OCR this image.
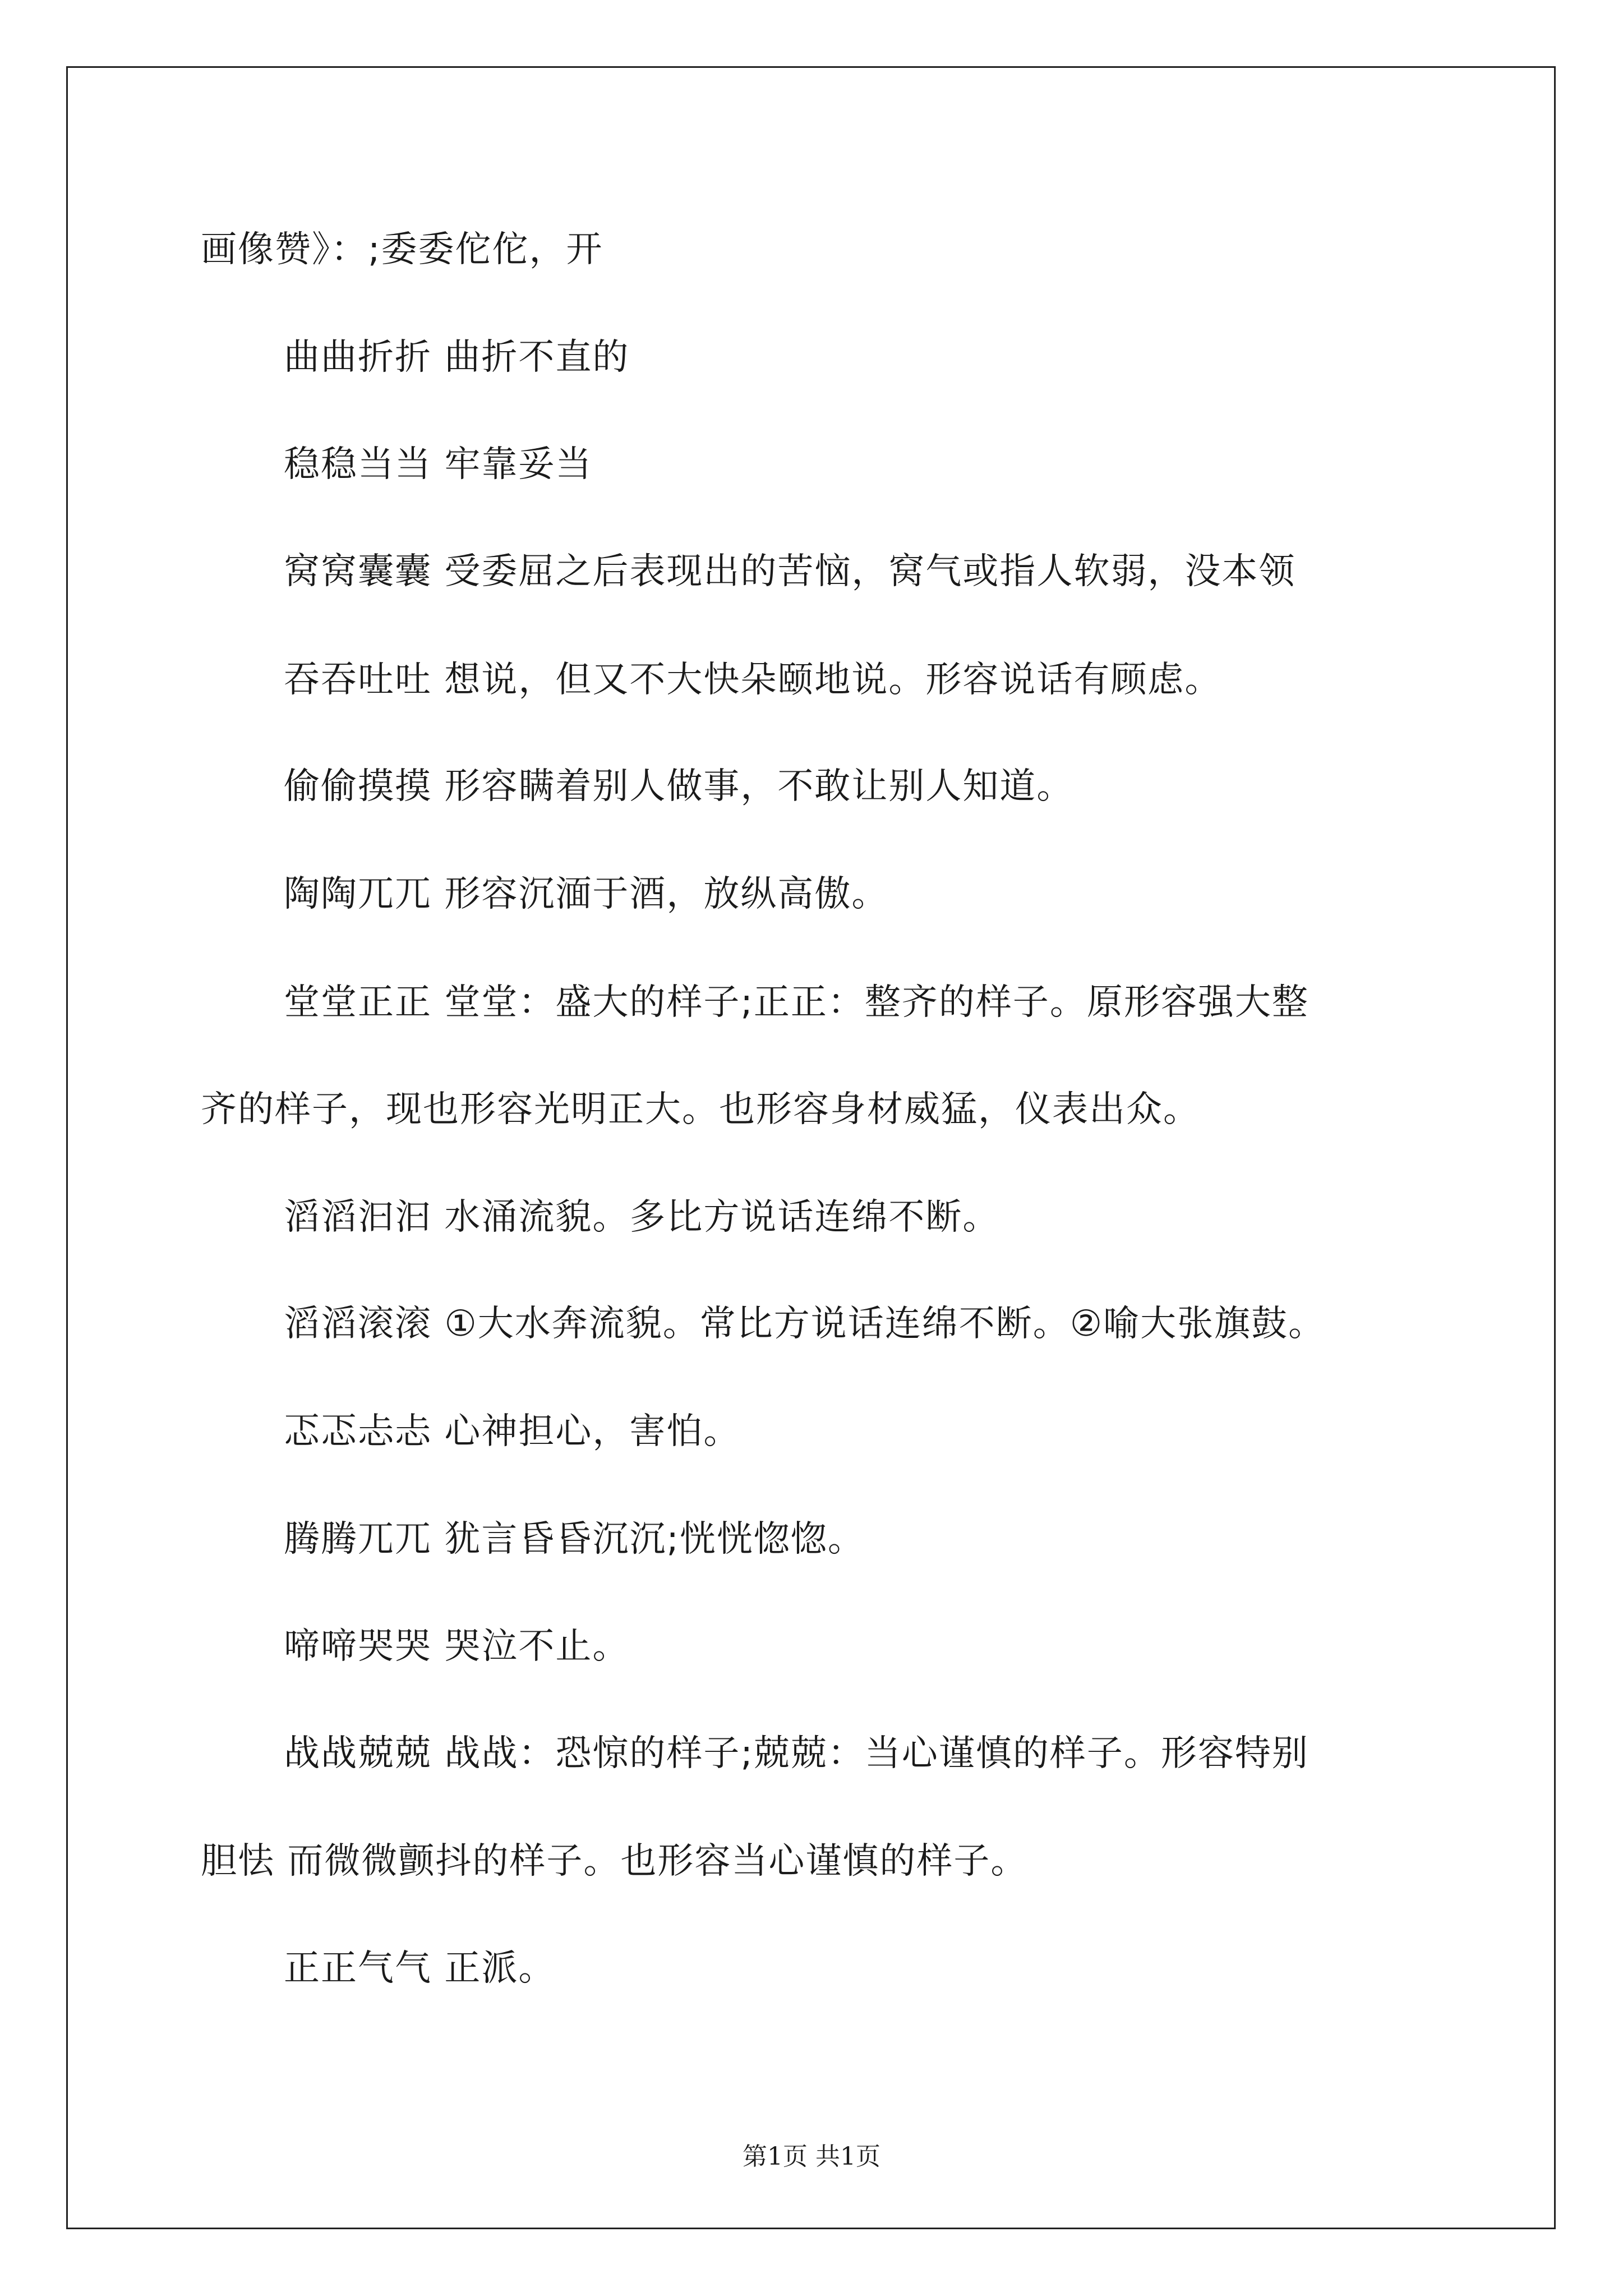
画像赞》：;委委佗佗，开
曲曲折折 曲折不直的
稳稳当当 牢靠妥当
窝窝囊囊 受委屈之后表现出的苦恼，窝气或指人软弱，没本领
吞吞吐吐 想说，但又不大快朵颐地说。形容说话有顾虑。
偷偷摸摸 形容瞒着别人做事，不敢让别人知道。
陶陶兀兀 形容沉湎于酒，放纵高傲。
堂堂正正 堂堂：盛大的样子;正正：整齐的样子。原形容强大整
齐的样子，现也形容光明正大。也形容身材威猛，仪表出众。
滔滔汩汩 水涌流貌。多比方说话连绵不断。
滔滔滚滚 ①大水奔流貌。常比方说话连绵不断。②喻大张旗鼓。
忑忑忐忐 心神担心，害怕。
腾腾兀兀 犹言昏昏沉沉;恍恍惚惚。
啼啼哭哭 哭泣不止。
战战兢兢 战战：恐惊的样子;兢兢：当心谨慎的样子。形容特别
胆怯 而微微颤抖的样子。也形容当心谨慎的样子。
正正气气 正派。
第1页 共1页
